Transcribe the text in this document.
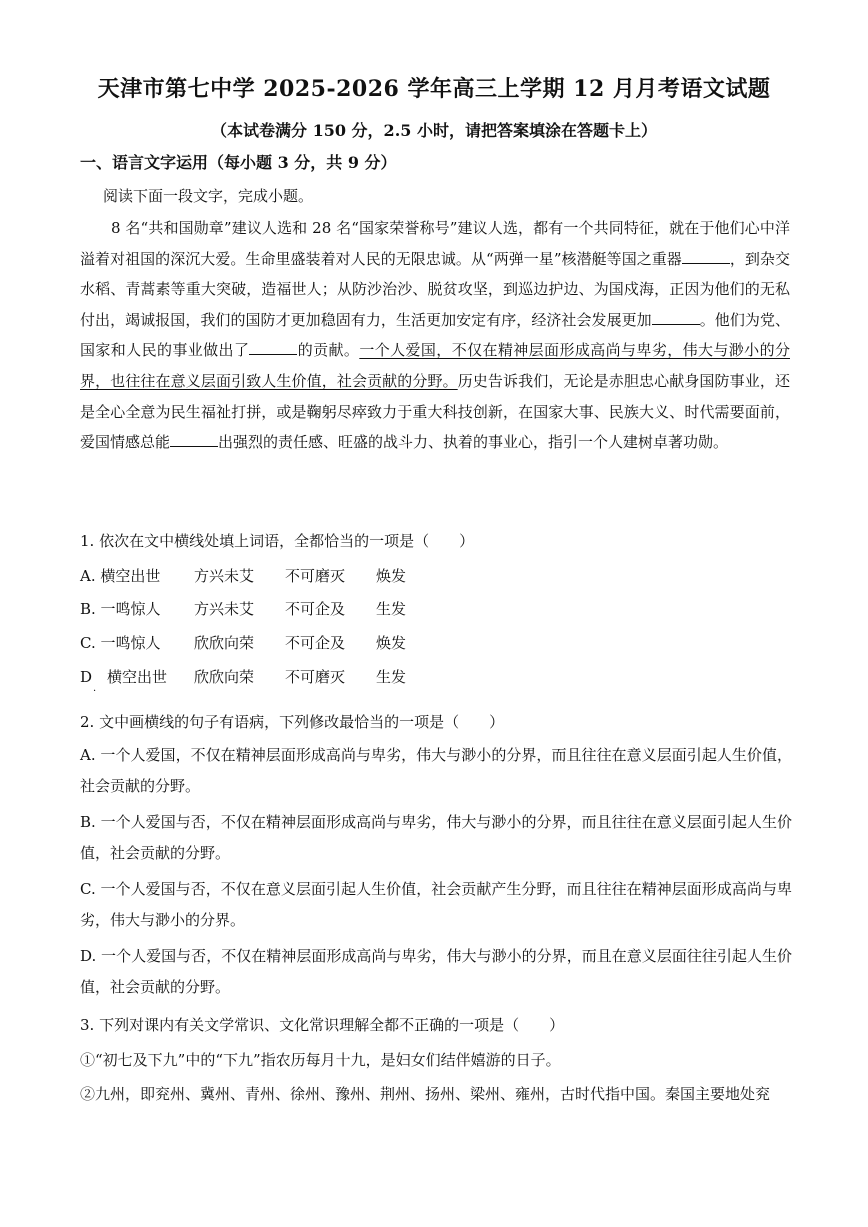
天津市第七中学 2025-2026 学年高三上学期 12 月月考语文试题
（本试卷满分 150 分，2.5 小时，请把答案填涂在答题卡上）
一、语言文字运用（每小题 3 分，共 9 分）
阅读下面一段文字，完成小题。

8 名“共和国勋章”建议人选和 28 名“国家荣誉称号”建议人选，都有一个共同特征，就在于他们心中洋溢着对祖国的深沉大爱。生命里盛装着对人民的无限忠诚。从“两弹一星”核潜艇等国之重器	，到杂交水稻、青蒿素等重大突破，造福世人；从防沙治沙、脱贫攻坚，到巡边护边、为国戍海，正因为他们的无私付出，竭诚报国，我们的国防才更加稳固有力，生活更加安定有序，经济社会发展更加	。他们为党、国家和人民的事业做出了	的贡献。一个人爱国，不仅在精神层面形成高尚与卑劣，伟大与渺小的分界，也往往在意义层面引致人生价值，社会贡献的分野。历史告诉我们，无论是赤胆忠心献身国防事业，还是全心全意为民生福祉打拼，或是鞠躬尽瘁致力于重大科技创新，在国家大事、民族大义、时代需要面前，爱国情感总能	出强烈的责任感、旺盛的战斗力、执着的事业心，指引一个人建树卓著功勋。

1. 依次在文中横线处填上词语，全都恰当的一项是（　　）

A. 横空出世 方兴未艾 不可磨灭 焕发
B. 一鸣惊人 方兴未艾 不可企及 生发
C. 一鸣惊人 欣欣向荣 不可企及 焕发
D　横空出世 欣欣向荣 不可磨灭 生发
·

2. 文中画横线的句子有语病，下列修改最恰当的一项是（　　）

A. 一个人爱国，不仅在精神层面形成高尚与卑劣，伟大与渺小的分界，而且往往在意义层面引起人生价值，社会贡献的分野。

B. 一个人爱国与否，不仅在精神层面形成高尚与卑劣，伟大与渺小的分界，而且往往在意义层面引起人生价值，社会贡献的分野。

C. 一个人爱国与否，不仅在意义层面引起人生价值，社会贡献产生分野，而且往往在精神层面形成高尚与卑劣，伟大与渺小的分界。

D. 一个人爱国与否，不仅在精神层面形成高尚与卑劣，伟大与渺小的分界，而且在意义层面往往引起人生价值，社会贡献的分野。

3. 下列对课内有关文学常识、文化常识理解全都不正确的一项是（　　）

①“初七及下九”中的“下九”指农历每月十九，是妇女们结伴嬉游的日子。

②九州，即兖州、冀州、青州、徐州、豫州、荆州、扬州、梁州、雍州，古时代指中国。秦国主要地处兖
